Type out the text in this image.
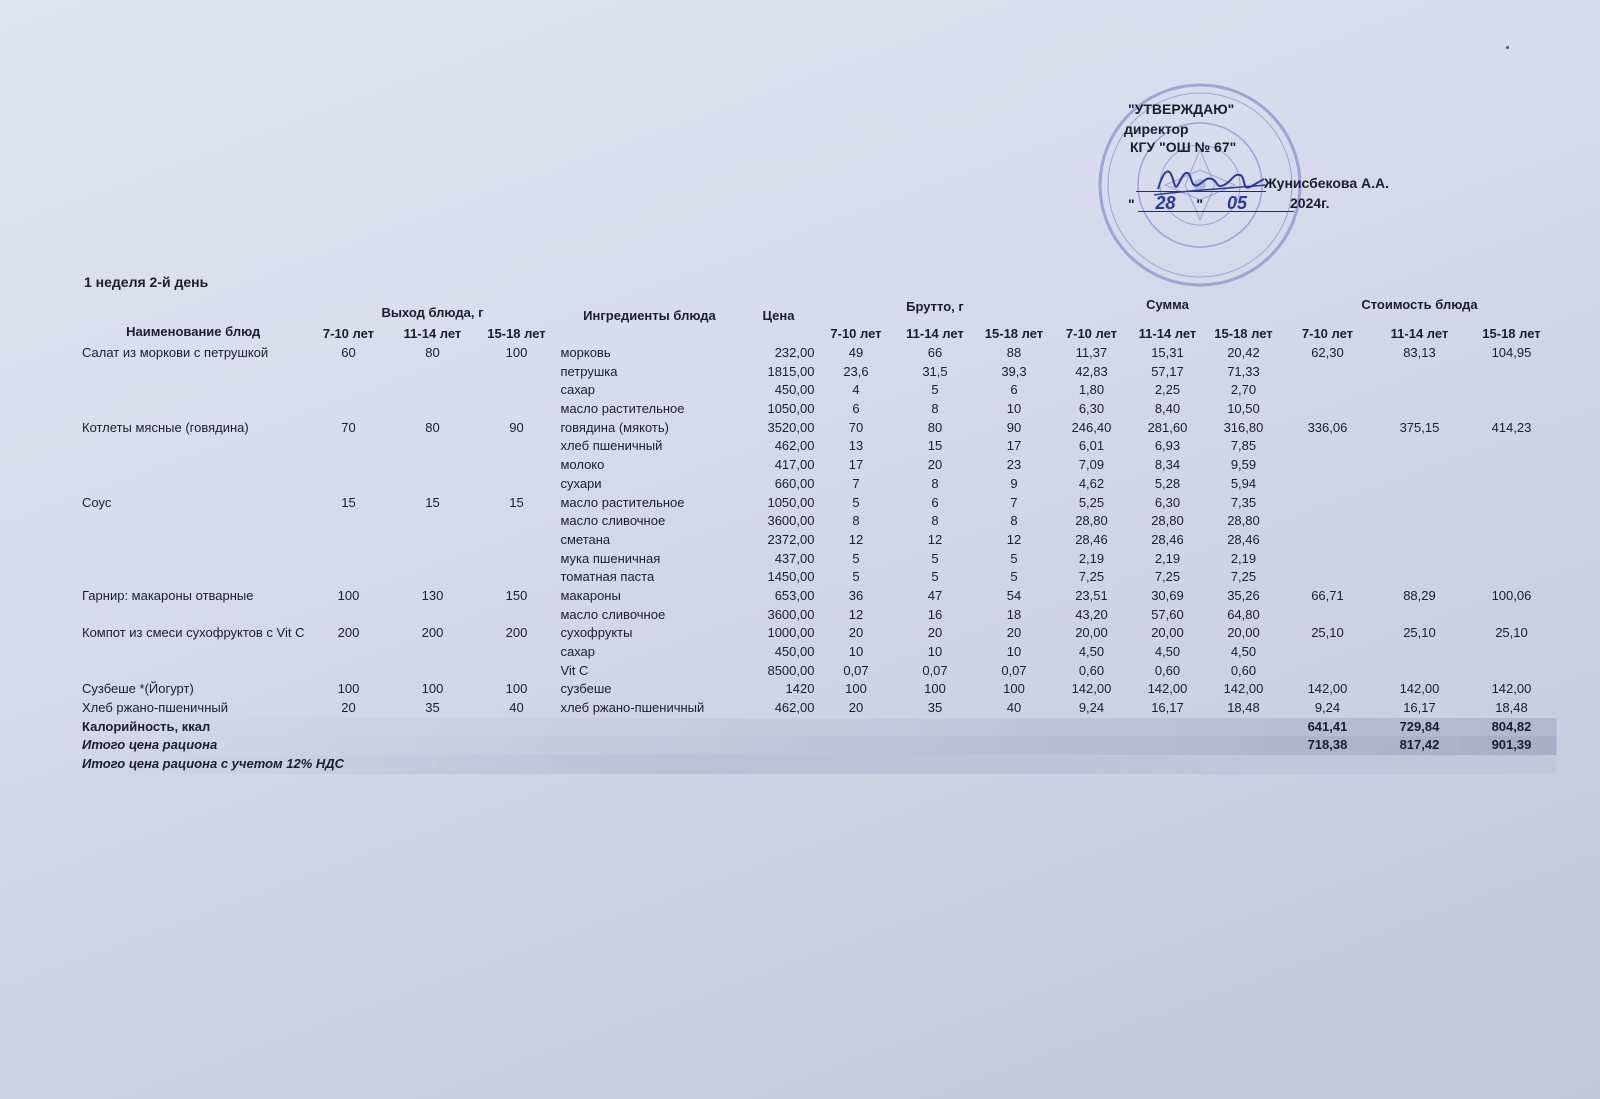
"УТВЕРЖДАЮ"
директор
КГУ "ОШ № 67"
Жунисбекова А.А.
" 28 " 05	2024г.
1 неделя 2-й день
Наименование блюд	Выход блюда, г			Ингредиенты блюда	Цена	Брутто, г			Сумма			Стоимость блюда		
	7-10 лет	11-14 лет	15-18 лет			7-10 лет	11-14 лет	15-18 лет	7-10 лет	11-14 лет	15-18 лет	7-10 лет	11-14 лет	15-18 лет
Салат из моркови с петрушкой	60	80	100	морковь	232,00	49	66	88	11,37	15,31	20,42	62,30	83,13	104,95
				петрушка	1815,00	23,6	31,5	39,3	42,83	57,17	71,33			
				сахар	450,00	4	5	6	1,80	2,25	2,70			
				масло растительное	1050,00	6	8	10	6,30	8,40	10,50			
Котлеты мясные (говядина)	70	80	90	говядина (мякоть)	3520,00	70	80	90	246,40	281,60	316,80	336,06	375,15	414,23
				хлеб пшеничный	462,00	13	15	17	6,01	6,93	7,85			
				молоко	417,00	17	20	23	7,09	8,34	9,59			
				сухари	660,00	7	8	9	4,62	5,28	5,94			
Соус	15	15	15	масло растительное	1050,00	5	6	7	5,25	6,30	7,35			
				масло сливочное	3600,00	8	8	8	28,80	28,80	28,80			
				сметана	2372,00	12	12	12	28,46	28,46	28,46			
				мука пшеничная	437,00	5	5	5	2,19	2,19	2,19			
				томатная паста	1450,00	5	5	5	7,25	7,25	7,25			
Гарнир: макароны отварные	100	130	150	макароны	653,00	36	47	54	23,51	30,69	35,26	66,71	88,29	100,06
				масло сливочное	3600,00	12	16	18	43,20	57,60	64,80			
Компот из смеси сухофруктов с Vit C	200	200	200	сухофрукты	1000,00	20	20	20	20,00	20,00	20,00	25,10	25,10	25,10
				сахар	450,00	10	10	10	4,50	4,50	4,50			
				Vit C	8500,00	0,07	0,07	0,07	0,60	0,60	0,60			
Сузбеше *(Йогурт)	100	100	100	сузбеше	1420	100	100	100	142,00	142,00	142,00	142,00	142,00	142,00
Хлеб ржано-пшеничный	20	35	40	хлеб ржано-пшеничный	462,00	20	35	40	9,24	16,17	18,48	9,24	16,17	18,48
Калорийность, ккал												641,41	729,84	804,82
Итого цена рациона												718,38	817,42	901,39
Итого цена рациона с учетом 12% НДС														
